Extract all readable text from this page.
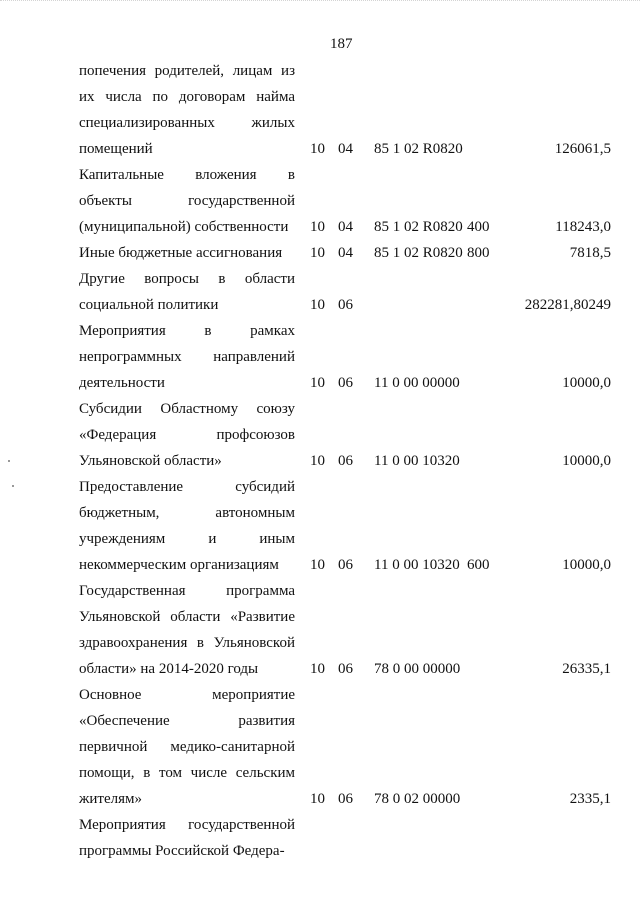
187
попечения родителей, лицам из их числа по договорам найма специализированных жилых помещений	10 04 85 1 02 R0820	126061,5
Капитальные вложения в объекты государственной (муниципальной) собственности	10 04 85 1 02 R0820 400	118243,0
Иные бюджетные ассигнования	10 04 85 1 02 R0820 800	7818,5
Другие вопросы в области социальной политики	10 06	282281,80249
Мероприятия в рамках непрограммных направлений деятельности	10 06 11 0 00 00000	10000,0
Субсидии Областному союзу «Федерация профсоюзов Ульяновской области»	10 06 11 0 00 10320	10000,0
Предоставление субсидий бюджетным, автономным учреждениям и иным некоммерческим организациям	10 06 11 0 00 10320 600	10000,0
Государственная программа Ульяновской области «Развитие здравоохранения в Ульяновской области» на 2014-2020 годы	10 06 78 0 00 00000	26335,1
Основное мероприятие «Обеспечение развития первичной медико-санитарной помощи, в том числе сельским жителям»	10 06 78 0 02 00000	2335,1
Мероприятия государственной программы Российской Федера-
